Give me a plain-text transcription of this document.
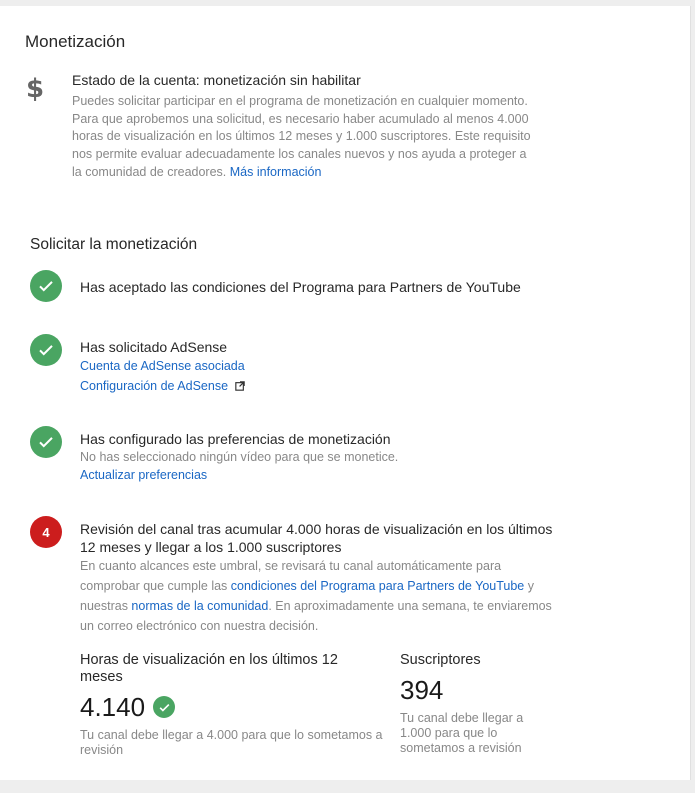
Monetización
$ Estado de la cuenta: monetización sin habilitar
Puedes solicitar participar en el programa de monetización en cualquier momento. Para que aprobemos una solicitud, es necesario haber acumulado al menos 4.000 horas de visualización en los últimos 12 meses y 1.000 suscriptores. Este requisito nos permite evaluar adecuadamente los canales nuevos y nos ayuda a proteger a la comunidad de creadores. Más información
Solicitar la monetización
Has aceptado las condiciones del Programa para Partners de YouTube
Has solicitado AdSense
Cuenta de AdSense asociada
Configuración de AdSense
Has configurado las preferencias de monetización
No has seleccionado ningún vídeo para que se monetice.
Actualizar preferencias
4	Revisión del canal tras acumular 4.000 horas de visualización en los últimos 12 meses y llegar a los 1.000 suscriptores
En cuanto alcances este umbral, se revisará tu canal automáticamente para comprobar que cumple las condiciones del Programa para Partners de YouTube y nuestras normas de la comunidad. En aproximadamente una semana, te enviaremos un correo electrónico con nuestra decisión.
Horas de visualización en los últimos 12 meses
4.140
Tu canal debe llegar a 4.000 para que lo sometamos a revisión
Suscriptores
394
Tu canal debe llegar a 1.000 para que lo sometamos a revisión
